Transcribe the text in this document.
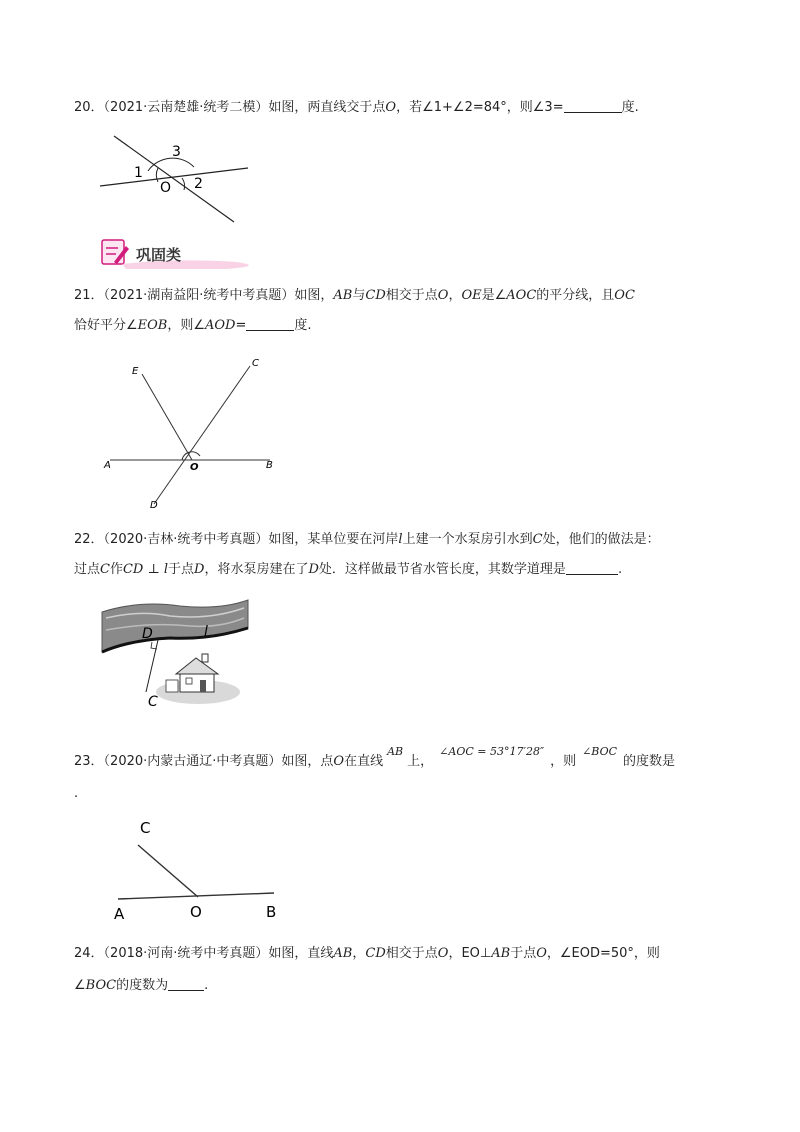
20．（2021·云南楚雄·统考二模）如图，两直线交于点O，若∠1+∠2=84°，则∠3=	度.
1
3
2
O
巩固类
21．（2021·湖南益阳·统考中考真题）如图，AB与CD相交于点O，OE是∠AOC的平分线，且OC
恰好平分∠EOB，则∠AOD=	度.
E
C
A	O	B
D
22．（2020·吉林·统考中考真题）如图，某单位要在河岸l上建一个水泵房引水到C处，他们的做法是：
过点C作CD ⊥ l于点D，将水泵房建在了D处．这样做最节省水管长度，其数学道理是	.
D	l
C
23．（2020·内蒙古通辽·中考真题）如图，点O在直线$^{AB}$上，$^{\angle AOC = 53^\circ 17'28''}$，则$^{\angle BOC}$的度数是
.
C
A	O	B
24．（2018·河南·统考中考真题）如图，直线AB，CD相交于点O，EO⊥AB于点O，∠EOD=50°，则
∠BOC的度数为	.
